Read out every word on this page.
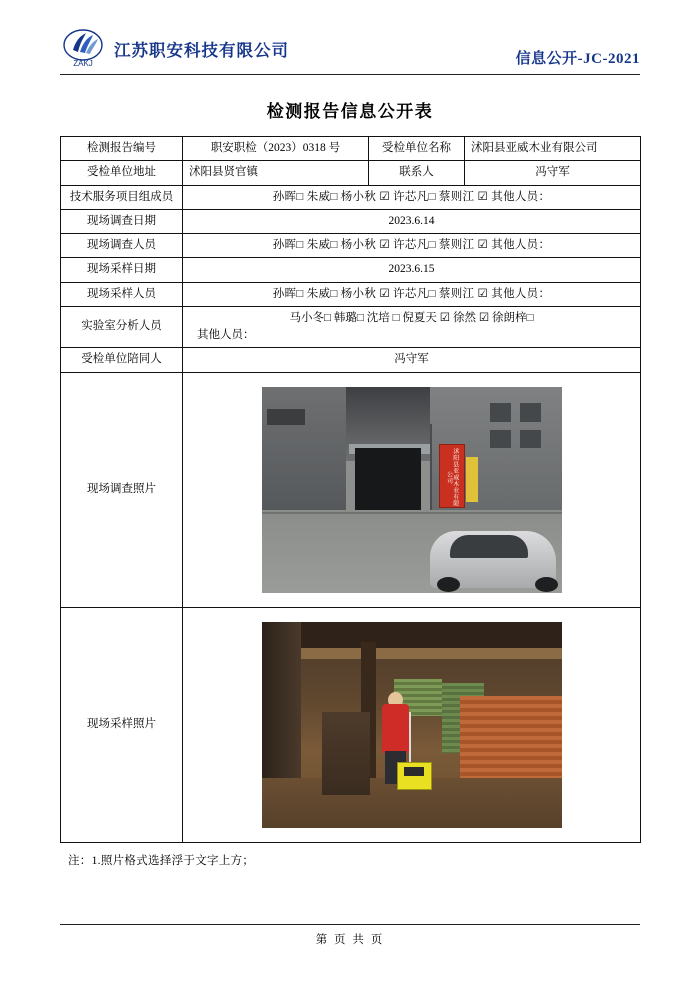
ZAKJ
江苏职安科技有限公司	信息公开-JC-2021
检测报告信息公开表
检测报告编号	职安职检（2023）0318 号	受检单位名称	沭阳县亚威木业有限公司
受检单位地址	沭阳县贤官镇	联系人	冯守军
技术服务项目组成员	孙晖□ 朱威□ 杨小秋 ☑ 许芯凡□ 蔡则江 ☑ 其他人员：		
现场调查日期	2023.6.14		
现场调查人员	孙晖□ 朱威□ 杨小秋 ☑ 许芯凡□ 蔡则江 ☑ 其他人员：		
现场采样日期	2023.6.15		
现场采样人员	孙晖□ 朱威□ 杨小秋 ☑ 许芯凡□ 蔡则江 ☑ 其他人员：		
实验室分析人员	马小冬□ 韩璐□ 沈培 □ 倪夏天 ☑ 徐然 ☑ 徐朗梓□
其他人员：		

受检单位陪同人	冯守军		
现场调查照片	沭阳县亚威木业有限公司		

现场采样照片			
注：1.照片格式选择浮于文字上方；
第 页 共 页
